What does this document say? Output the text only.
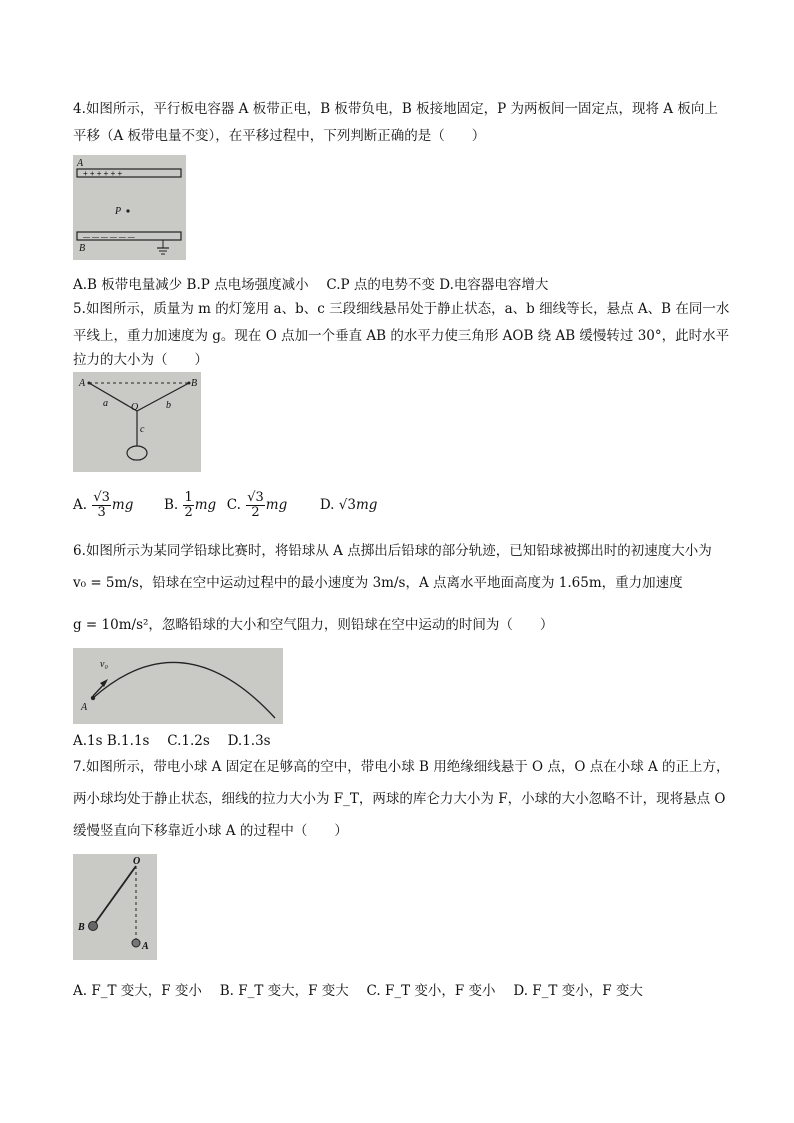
4.如图所示，平行板电容器 A 板带正电，B 板带负电，B 板接地固定，P 为两板间一固定点，现将 A 板向上
平移（A 板带电量不变），在平移过程中，下列判断正确的是（　　）
A
+ + + + + +
— — — — — —
P
B
A.B 板带电量减少 B.P 点电场强度减小　 C.P 点的电势不变 D.电容器电容增大
5.如图所示，质量为 m 的灯笼用 a、b、c 三段细线悬吊处于静止状态，a、b 细线等长，悬点 A、B 在同一水
平线上，重力加速度为 g。现在 O 点加一个垂直 AB 的水平力使三角形 AOB 绕 AB 缓慢转过 30°，此时水平
拉力的大小为（　　）
A	B
O
a	b
c
A. $\frac{√3}{3}$ mg B. $\frac{1}{2}$ mg C. $\frac{√3}{2}$ mg D. √3mg
6.如图所示为某同学铅球比赛时，将铅球从 A 点掷出后铅球的部分轨迹，已知铅球被掷出时的初速度大小为
v₀ = 5m/s，铅球在空中运动过程中的最小速度为 3m/s，A 点离水平地面高度为 1.65m，重力加速度
g = 10m/s²，忽略铅球的大小和空气阻力，则铅球在空中运动的时间为（　　）
v₀
A
A.1s B.1.1s　 C.1.2s　 D.1.3s
7.如图所示，带电小球 A 固定在足够高的空中，带电小球 B 用绝缘细线悬于 O 点，O 点在小球 A 的正上方，
两小球均处于静止状态，细线的拉力大小为 F_T，两球的库仑力大小为 F，小球的大小忽略不计，现将悬点 O
缓慢竖直向下移靠近小球 A 的过程中（　　）
O
B
A
A. F_T 变大，F 变小　 B. F_T 变大，F 变大　 C. F_T 变小，F 变小　 D. F_T 变小，F 变大
